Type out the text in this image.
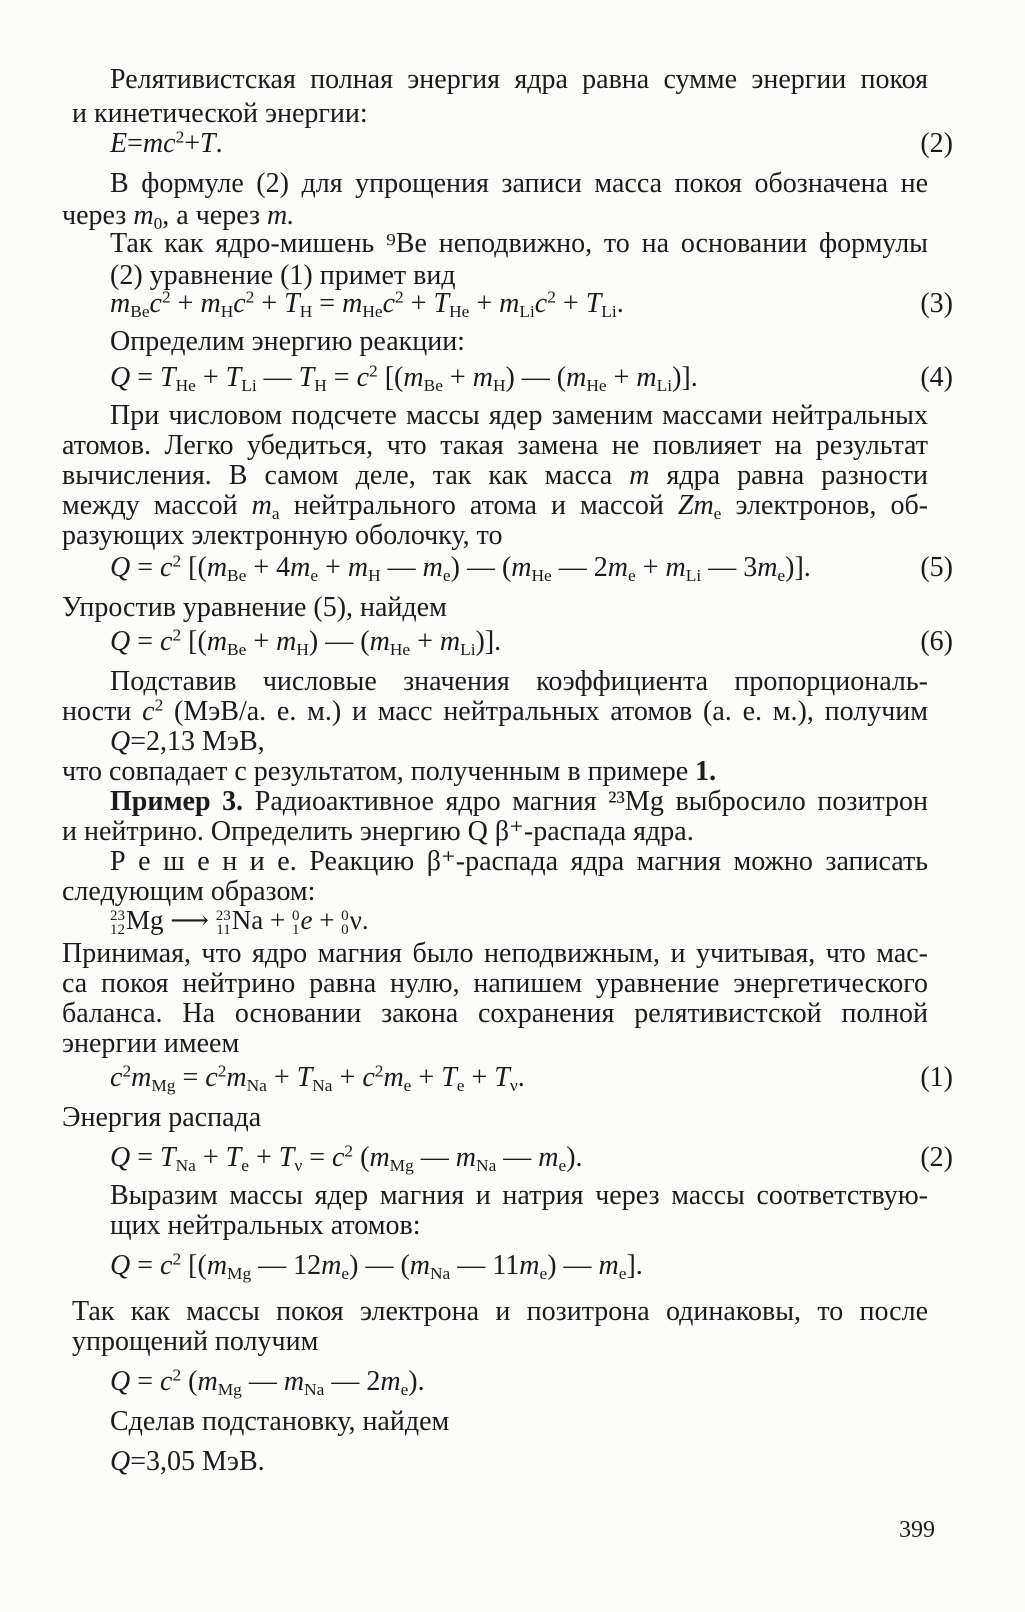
Релятивистская полная энергия ядра равна сумме энергии покоя
и кинетической энергии:
$E=mc^2+T$.	(2)
В формуле (2) для упрощения записи масса покоя обозначена не
через $m_0$, а через m.
Так как ядро-мишень ⁹Be неподвижно, то на основании формулы (2) уравнение (1) примет вид
$m_{Be}c^2 + m_Hc^2 + T_H = m_{He}c^2 + T_{He} + m_{Li}c^2 + T_{Li}$.	(3)
Определим энергию реакции:
$Q = T_{He} + T_{Li}$ — $T_H = c^2$ [$(m_{Be} + m_H)$ — $(m_{He} + m_{Li})$].	(4)
При числовом подсчете массы ядер заменим массами нейтральных
атомов. Легко убедиться, что такая замена не повлияет на результат
вычисления. В самом деле, так как масса m ядра равна разности
между массой $m_a$ нейтрального атома и массой $Zm_e$ электронов, об-
разующих электронную оболочку, то
$Q = c^2$ [($m_{Be} + 4m_e + m_H$ — $m_e$) — ($m_{He}$ — $2m_e + m_{Li}$ — $3m_e$)].	(5)
Упростив уравнение (5), найдем
$Q = c^2$ [$(m_{Be} + m_H)$ — $(m_{He} + m_{Li})$].	(6)
Подставив числовые значения коэффициента пропорциональ-
ности $c^2$ (МэВ/а. е. м.) и масс нейтральных атомов (а. е. м.), получим
Q=2,13 МэВ,
что совпадает с результатом, полученным в примере 1.
Пример 3. Радиоактивное ядро магния ²³Mg выбросило позитрон
и нейтрино. Определить энергию Q β⁺-распада ядра.
Р е ш е н и е. Реакцию β⁺-распада ядра магния можно записать
следующим образом:
23
12 Mg ⟶ 23
11 Na + 0
1 e + 0
0 ν.
Принимая, что ядро магния было неподвижным, и учитывая, что мас-
са покоя нейтрино равна нулю, напишем уравнение энергетического
баланса. На основании закона сохранения релятивистской полной
энергии имеем
$c^2m_{Mg} = c^2m_{Na} + T_{Na} + c^2m_e + T_e + T_\nu$.	(1)
Энергия распада
$Q = T_{Na} + T_e + T_\nu = c^2$ ($m_{Mg}$ — $m_{Na}$ — $m_e$).	(2)
Выразим массы ядер магния и натрия через массы соответствую-
щих нейтральных атомов:
$Q = c^2$ [($m_{Mg}$ — $12m_e$) — ($m_{Na}$ — $11m_e$) — $m_e$].
Так как массы покоя электрона и позитрона одинаковы, то после
упрощений получим
$Q = c^2$ ($m_{Mg}$ — $m_{Na}$ — $2m_e$).
Сделав подстановку, найдем
Q=3,05 МэВ.
399
